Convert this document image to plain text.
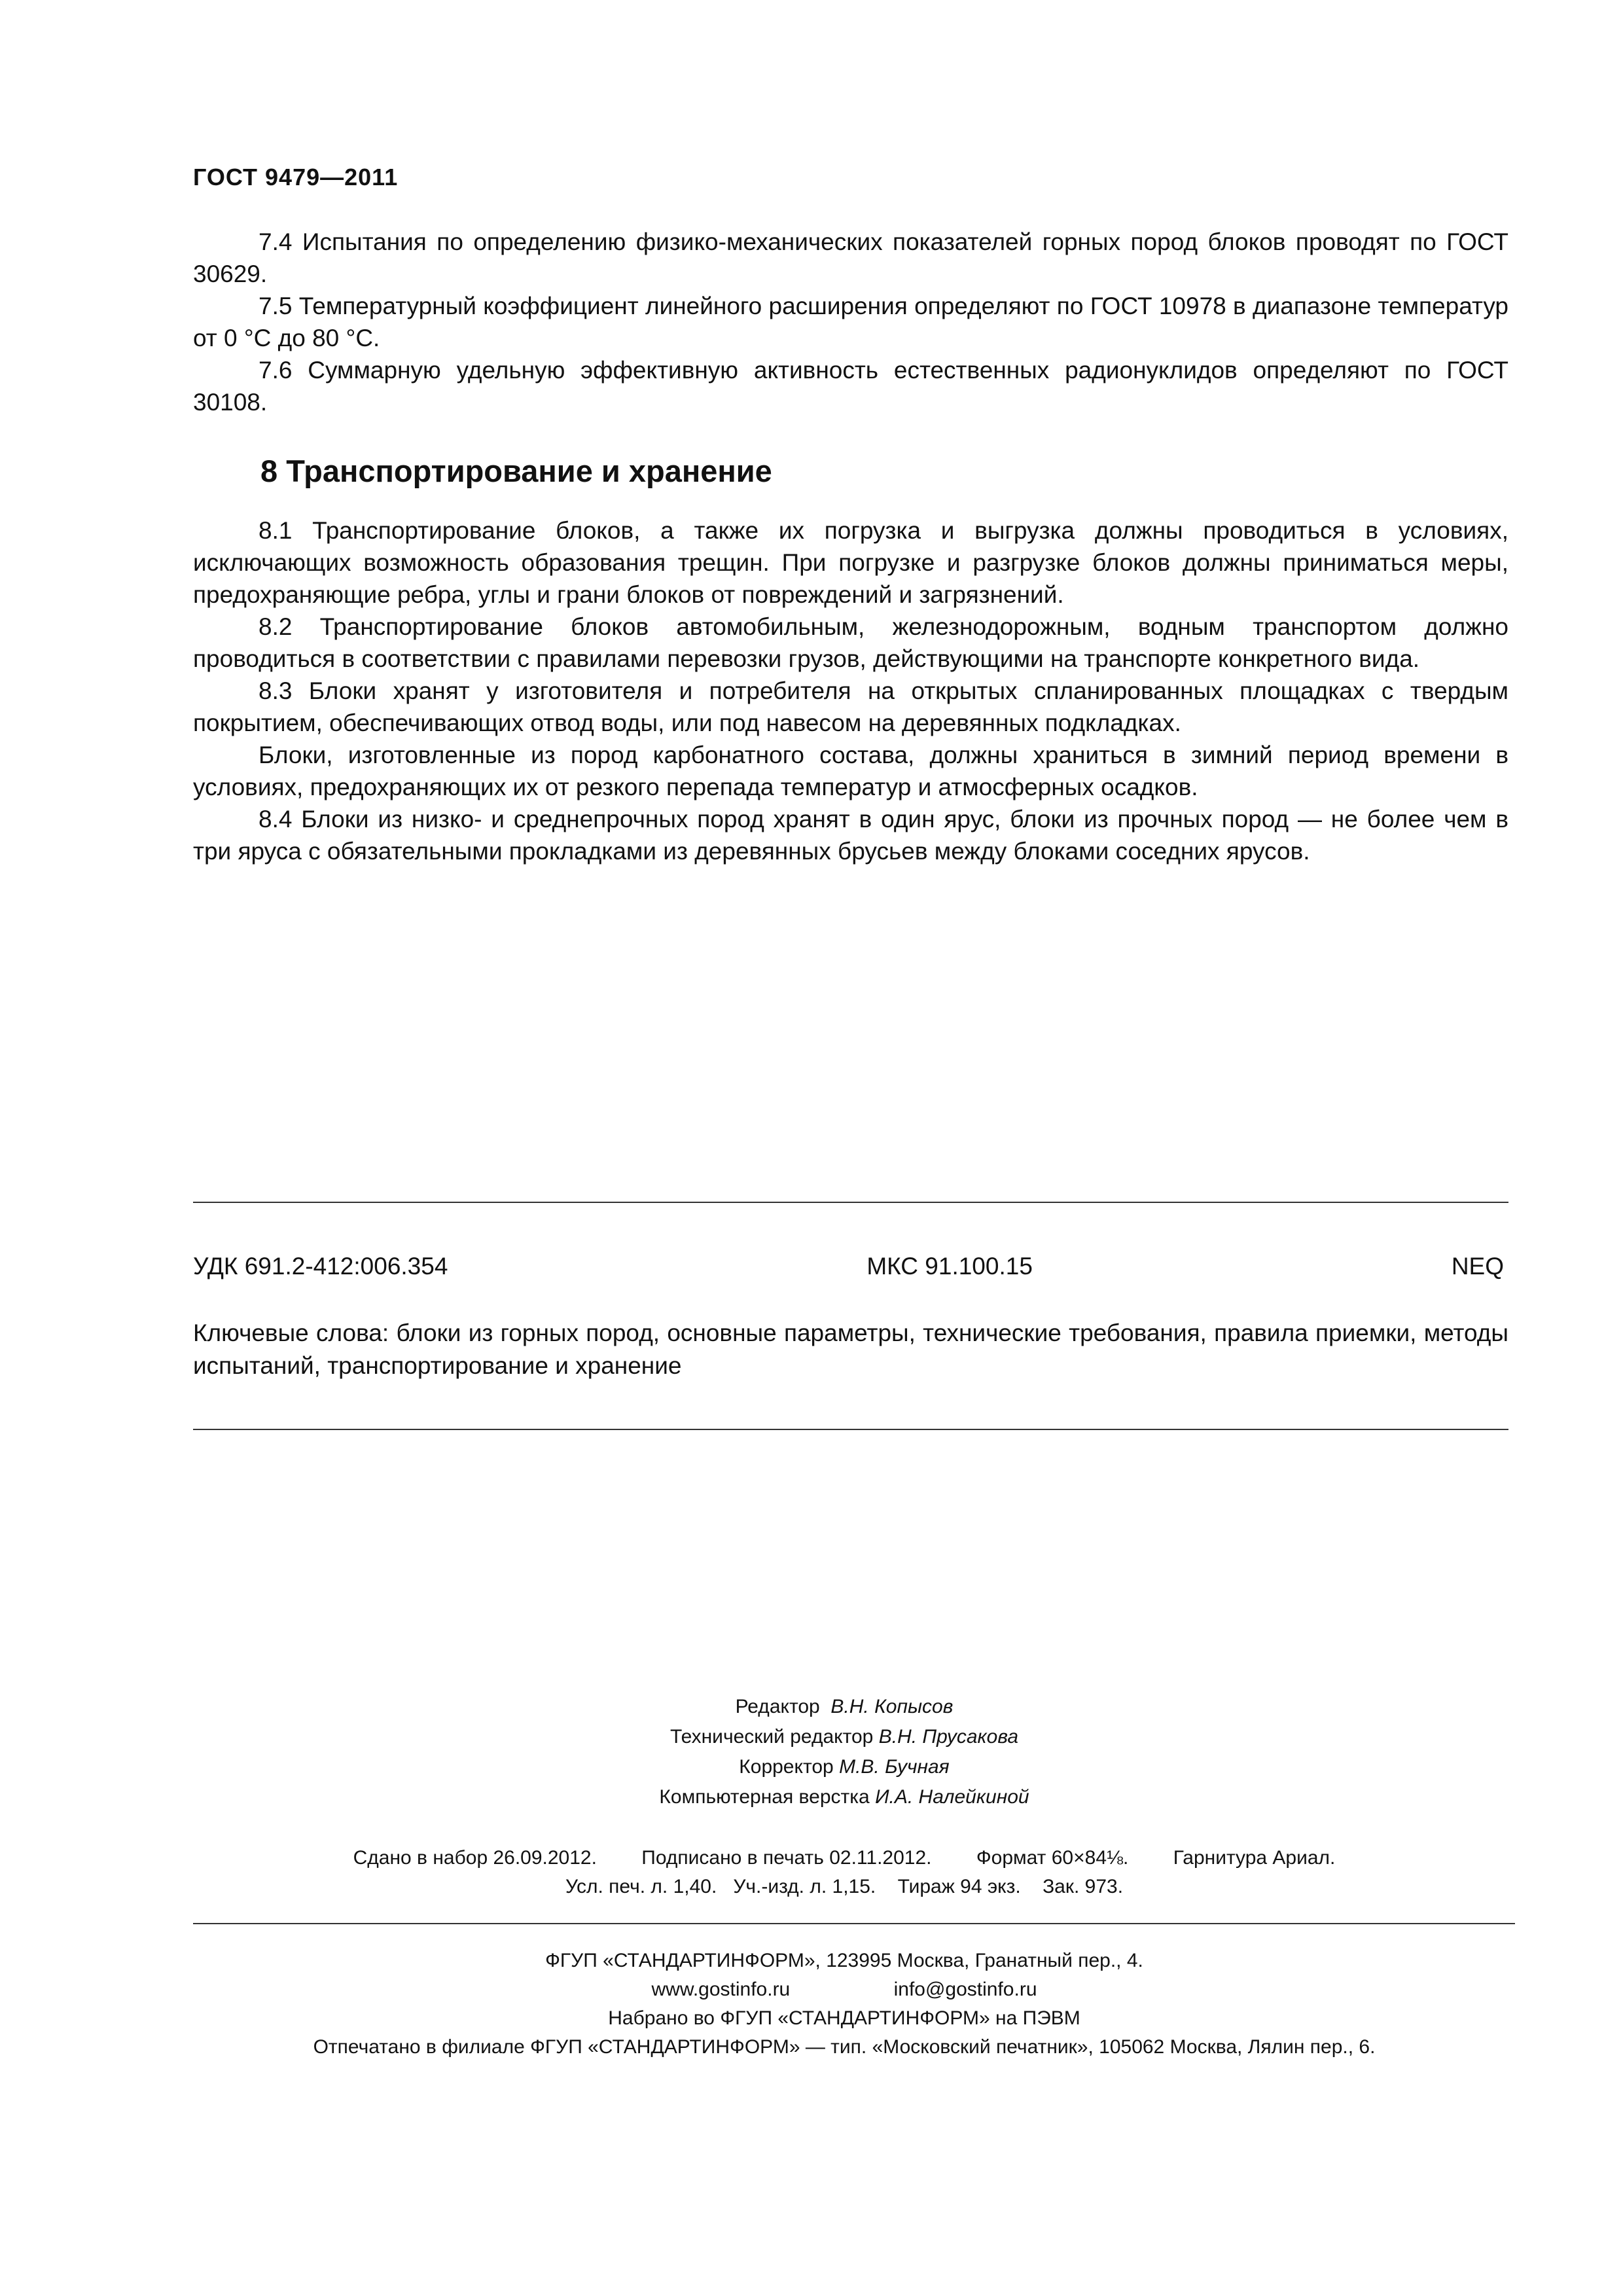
ГОСТ 9479—2011

7.4 Испытания по определению физико-механических показателей горных пород блоков проводят по ГОСТ 30629.

7.5 Температурный коэффициент линейного расширения определяют по ГОСТ 10978 в диапазоне температур от 0 °С до 80 °С.

7.6 Суммарную удельную эффективную активность естественных радионуклидов определяют по ГОСТ 30108.

8 Транспортирование и хранение

8.1 Транспортирование блоков, а также их погрузка и выгрузка должны проводиться в условиях, исключающих возможность образования трещин. При погрузке и разгрузке блоков должны приниматься меры, предохраняющие ребра, углы и грани блоков от повреждений и загрязнений.

8.2 Транспортирование блоков автомобильным, железнодорожным, водным транспортом должно проводиться в соответствии с правилами перевозки грузов, действующими на транспорте конкретного вида.

8.3 Блоки хранят у изготовителя и потребителя на открытых спланированных площадках с твердым покрытием, обеспечивающих отвод воды, или под навесом на деревянных подкладках.

Блоки, изготовленные из пород карбонатного состава, должны храниться в зимний период времени в условиях, предохраняющих их от резкого перепада температур и атмосферных осадков.

8.4 Блоки из низко- и среднепрочных пород хранят в один ярус, блоки из прочных пород — не более чем в три яруса с обязательными прокладками из деревянных брусьев между блоками соседних ярусов.

УДК 691.2-412:006.354	МКС 91.100.15	NEQ
Ключевые слова: блоки из горных пород, основные параметры, технические требования, правила приемки, методы испытаний, транспортирование и хранение
Редактор В.Н. Копысов
Технический редактор В.Н. Прусакова
Корректор М.В. Бучная
Компьютерная верстка И.А. Налейкиной
Сдано в набор 26.09.2012. Подписано в печать 02.11.2012. Формат 60×84⅛. Гарнитура Ариал.
Усл. печ. л. 1,40. Уч.-изд. л. 1,15. Тираж 94 экз. Зак. 973.
ФГУП «СТАНДАРТИНФОРМ», 123995 Москва, Гранатный пер., 4.
www.gostinfo.ru	info@gostinfo.ru
Набрано во ФГУП «СТАНДАРТИНФОРМ» на ПЭВМ
Отпечатано в филиале ФГУП «СТАНДАРТИНФОРМ» — тип. «Московский печатник», 105062 Москва, Лялин пер., 6.
